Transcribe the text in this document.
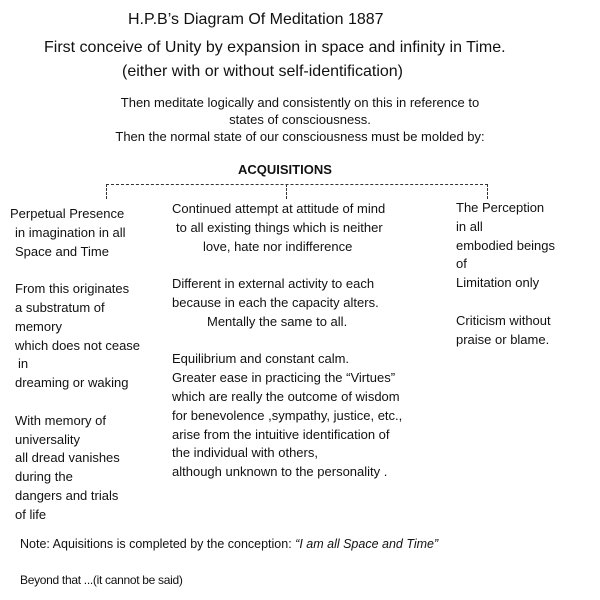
H.P.B’s Diagram Of Meditation 1887
First conceive of Unity by expansion in space and infinity in Time.
(either with or without self-identification)
Then meditate logically and consistently on this in reference to
states of consciousness.
Then the normal state of our consciousness must be molded by:
ACQUISITIONS
Perpetual Presence
in imagination in all
Space and Time
From this originates
a substratum of
memory
which does not cease
in
dreaming or waking
With memory of
universality
all dread vanishes
during the
dangers and trials
of life
Continued attempt at attitude of mind
to all existing things which is neither
love, hate nor indifference
Different in external activity to each
because in each the capacity alters.
Mentally the same to all.
Equilibrium and constant calm.
Greater ease in practicing the “Virtues”
which are really the outcome of wisdom
for benevolence ,sympathy, justice, etc.,
arise from the intuitive identification of
the individual with others,
although unknown to the personality .
The Perception
in all
embodied beings
of
Limitation only
Criticism without
praise or blame.
Note: Aquisitions is completed by the conception: “I am all Space and Time”
Beyond that ...(it cannot be said)
